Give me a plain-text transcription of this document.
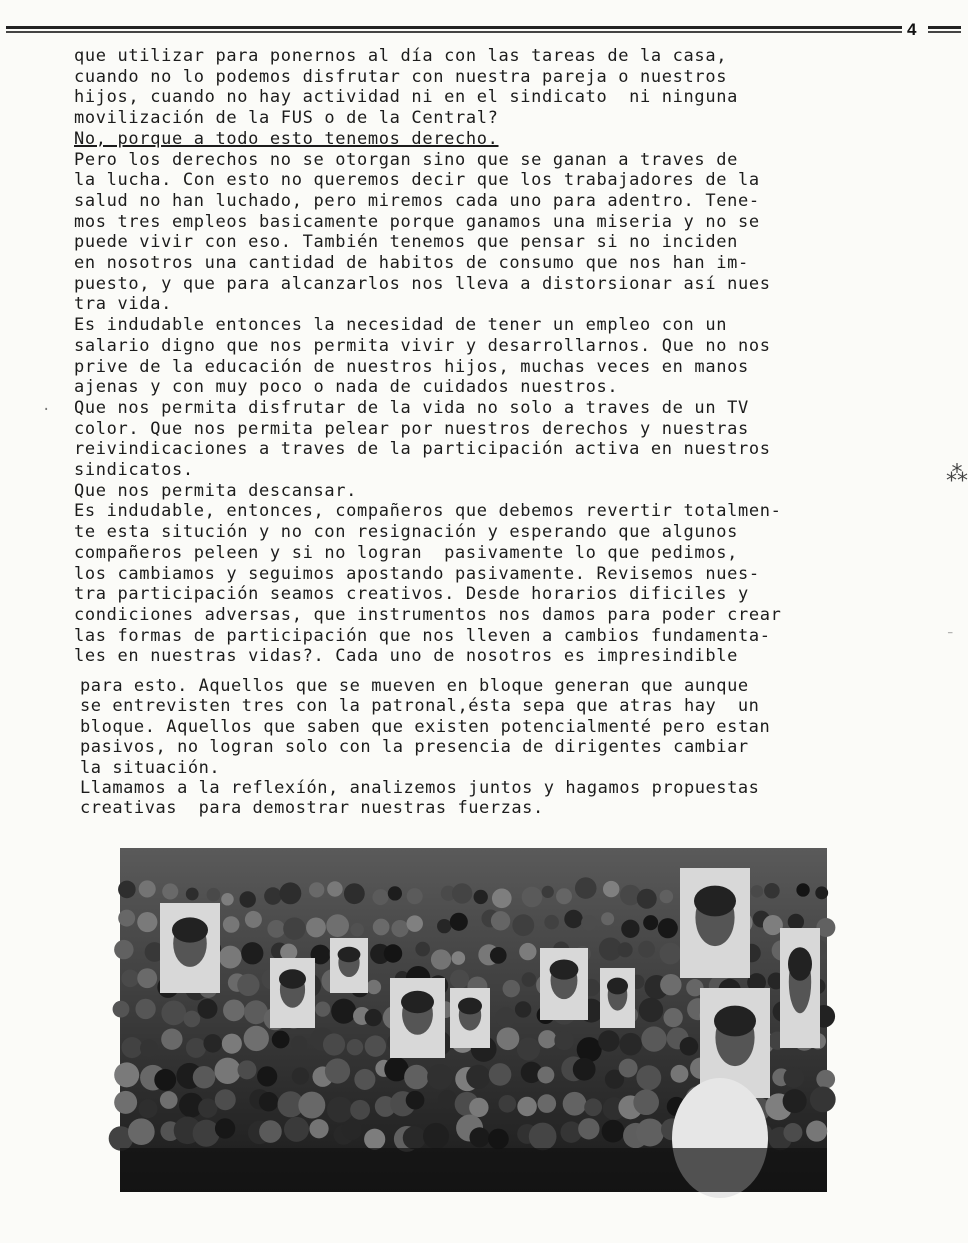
4
que utilizar para ponernos al día con las tareas de la casa,
cuando no lo podemos disfrutar con nuestra pareja o nuestros
hijos, cuando no hay actividad ni en el sindicato  ni ninguna
movilización de la FUS o de la Central?
No, porque a todo esto tenemos derecho.
Pero los derechos no se otorgan sino que se ganan a traves de
la lucha. Con esto no queremos decir que los trabajadores de la
salud no han luchado, pero miremos cada uno para adentro. Tene-
mos tres empleos basicamente porque ganamos una miseria y no se
puede vivir con eso. También tenemos que pensar si no inciden
en nosotros una cantidad de habitos de consumo que nos han im-
puesto, y que para alcanzarlos nos lleva a distorsionar así nues
tra vida.
Es indudable entonces la necesidad de tener un empleo con un
salario digno que nos permita vivir y desarrollarnos. Que no nos
prive de la educación de nuestros hijos, muchas veces en manos
ajenas y con muy poco o nada de cuidados nuestros.
Que nos permita disfrutar de la vida no solo a traves de un TV
color. Que nos permita pelear por nuestros derechos y nuestras
reivindicaciones a traves de la participación activa en nuestros
sindicatos.
Que nos permita descansar.
Es indudable, entonces, compañeros que debemos revertir totalmen-
te esta situción y no con resignación y esperando que algunos
compañeros peleen y si no logran  pasivamente lo que pedimos,
los cambiamos y seguimos apostando pasivamente. Revisemos nues-
tra participación seamos creativos. Desde horarios dificiles y
condiciones adversas, que instrumentos nos damos para poder crear
las formas de participación que nos lleven a cambios fundamenta-
les en nuestras vidas?. Cada uno de nosotros es impresindible
para esto. Aquellos que se mueven en bloque generan que aunque
se entrevisten tres con la patronal,ésta sepa que atras hay  un
bloque. Aquellos que saben que existen potencialmenté pero estan
pasivos, no logran solo con la presencia de dirigentes cambiar
la situación.
Llamamos a la reflexíón, analizemos juntos y hagamos propuestas
creativas  para demostrar nuestras fuerzas.
.
⁂
⁻
